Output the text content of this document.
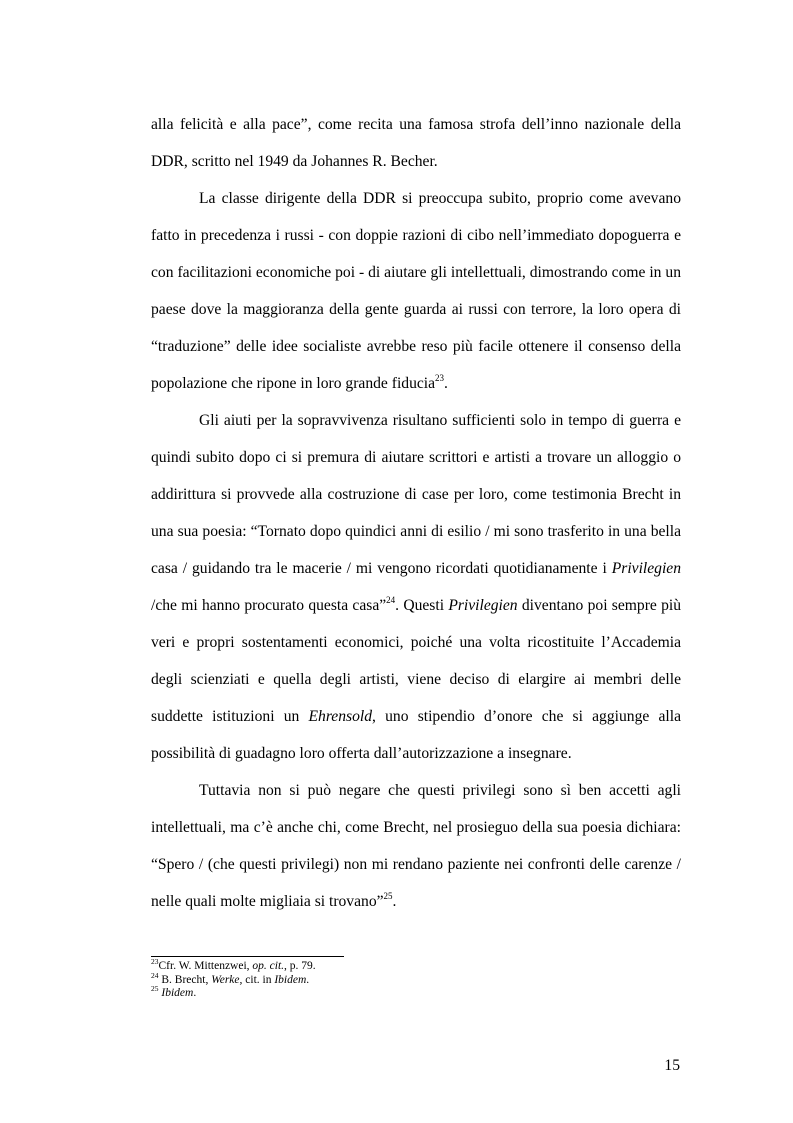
alla felicità e alla pace”, come recita una famosa strofa dell’inno nazionale della DDR, scritto nel 1949 da Johannes R. Becher.

La classe dirigente della DDR si preoccupa subito, proprio come avevano fatto in precedenza i russi - con doppie razioni di cibo nell’immediato dopoguerra e con facilitazioni economiche poi - di aiutare gli intellettuali, dimostrando come in un paese dove la maggioranza della gente guarda ai russi con terrore, la loro opera di “traduzione” delle idee socialiste avrebbe reso più facile ottenere il consenso della popolazione che ripone in loro grande fiducia$^{23}$.

Gli aiuti per la sopravvivenza risultano sufficienti solo in tempo di guerra e quindi subito dopo ci si premura di aiutare scrittori e artisti a trovare un alloggio o addirittura si provvede alla costruzione di case per loro, come testimonia Brecht in una sua poesia: “Tornato dopo quindici anni di esilio / mi sono trasferito in una bella casa / guidando tra le macerie / mi vengono ricordati quotidianamente i Privilegien /che mi hanno procurato questa casa”$^{24}$. Questi Privilegien diventano poi sempre più veri e propri sostentamenti economici, poiché una volta ricostituite l’Accademia degli scienziati e quella degli artisti, viene deciso di elargire ai membri delle suddette istituzioni un Ehrensold, uno stipendio d’onore che si aggiunge alla possibilità di guadagno loro offerta dall’autorizzazione a insegnare.

Tuttavia non si può negare che questi privilegi sono sì ben accetti agli intellettuali, ma c’è anche chi, come Brecht, nel prosieguo della sua poesia dichiara: “Spero / (che questi privilegi) non mi rendano paziente nei confronti delle carenze / nelle quali molte migliaia si trovano”$^{25}$.

$^{23}$Cfr. W. Mittenzwei, op. cit., p. 79.
$^{24}$ B. Brecht, Werke, cit. in Ibidem.
$^{25}$ Ibidem.
15
